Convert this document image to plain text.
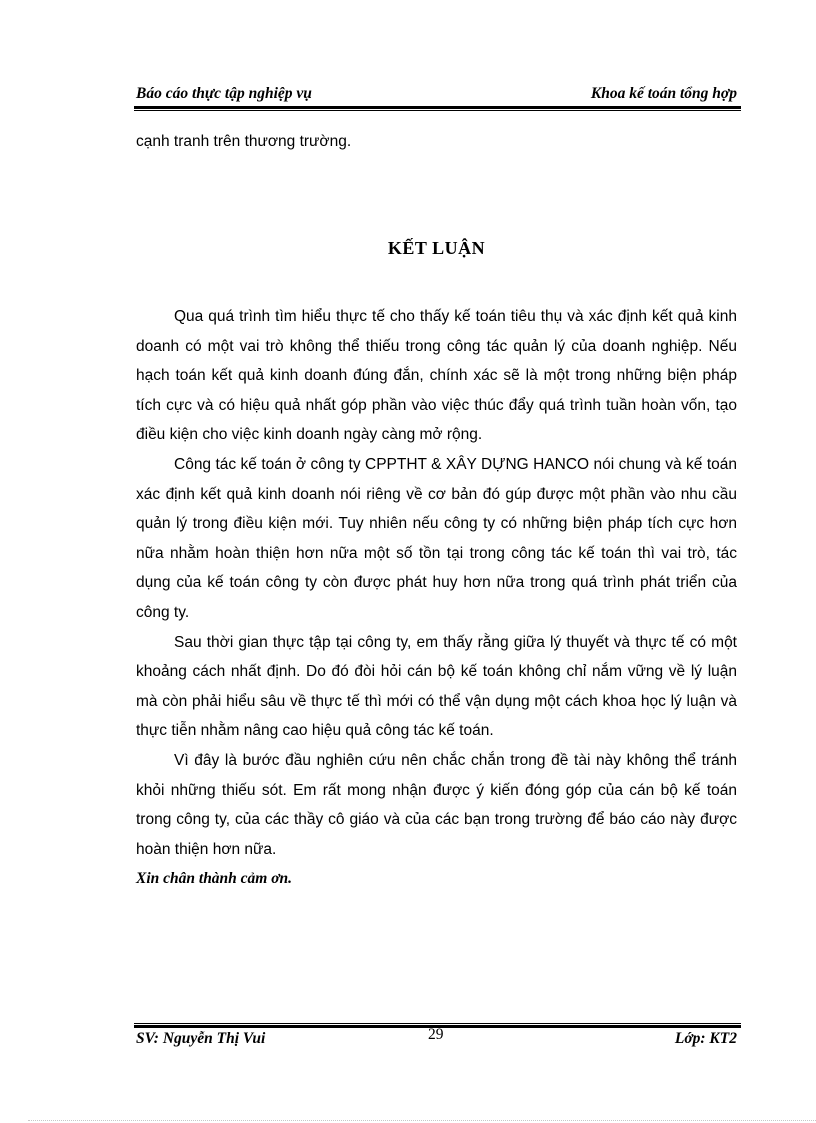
Báo cáo thực tập nghiệp vụ	Khoa kế toán tổng hợp
cạnh tranh trên thương trường.
KẾT LUẬN

Qua quá trình tìm hiểu thực tế cho thấy kế toán tiêu thụ và xác định kết quả kinh doanh có một vai trò không thể thiếu trong công tác quản lý của doanh nghiệp. Nếu hạch toán kết quả kinh doanh đúng đắn, chính xác sẽ là một trong những biện pháp tích cực và có hiệu quả nhất góp phần vào việc thúc đẩy quá trình tuần hoàn vốn, tạo điều kiện cho việc kinh doanh ngày càng mở rộng.

Công tác kế toán ở công ty CPPTHT & XÂY DỰNG HANCO nói chung và kế toán xác định kết quả kinh doanh nói riêng về cơ bản đó gúp được một phần vào nhu cầu quản lý trong điều kiện mới. Tuy nhiên nếu công ty có những biện pháp tích cực hơn nữa nhằm hoàn thiện hơn nữa một số tồn tại trong công tác kế toán thì vai trò, tác dụng của kế toán công ty còn được phát huy hơn nữa trong quá trình phát triển của công ty.

Sau thời gian thực tập tại công ty, em thấy rằng giữa lý thuyết và thực tế có một khoảng cách nhất định. Do đó đòi hỏi cán bộ kế toán không chỉ nắm vững về lý luận mà còn phải hiểu sâu về thực tế thì mới có thể vận dụng một cách khoa học lý luận và thực tiễn nhằm nâng cao hiệu quả công tác kế toán.

Vì đây là bước đầu nghiên cứu nên chắc chắn trong đề tài này không thể tránh khỏi những thiếu sót. Em rất mong nhận được ý kiến đóng góp của cán bộ kế toán trong công ty, của các thầy cô giáo và của các bạn trong trường để báo cáo này được hoàn thiện hơn nữa.

Xin chân thành cảm ơn.
SV: Nguyễn Thị Vui	29	Lớp: KT2
